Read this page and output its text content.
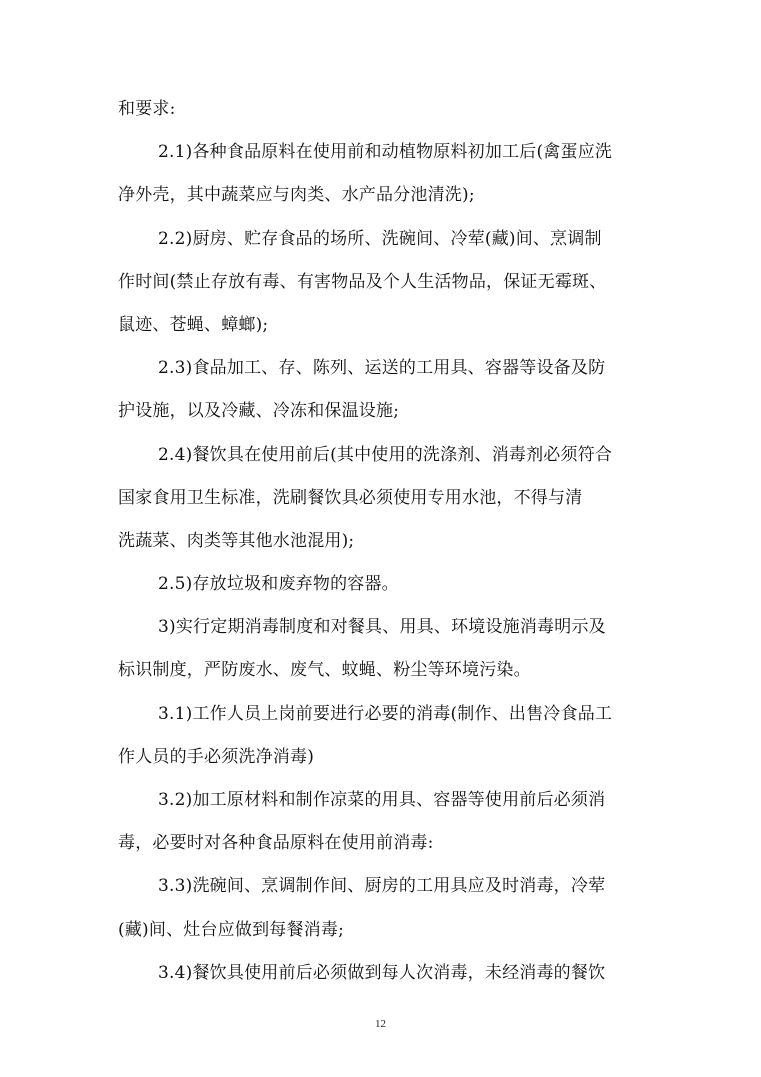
和要求:
2.1)各种食品原料在使用前和动植物原料初加工后(禽蛋应洗
净外壳，其中蔬菜应与肉类、水产品分池清洗);
2.2)厨房、贮存食品的场所、洗碗间、冷荤(藏)间、烹调制
作时间(禁止存放有毒、有害物品及个人生活物品，保证无霉斑、
鼠迹、苍蝇、蟑螂);
2.3)食品加工、存、陈列、运送的工用具、容器等设备及防
护设施，以及冷藏、冷冻和保温设施;
2.4)餐饮具在使用前后(其中使用的洗涤剂、消毒剂必须符合
国家食用卫生标准，洗刷餐饮具必须使用专用水池，不得与清
洗蔬菜、肉类等其他水池混用);
2.5)存放垃圾和废弃物的容器。
3)实行定期消毒制度和对餐具、用具、环境设施消毒明示及
标识制度，严防废水、废气、蚊蝇、粉尘等环境污染。
3.1)工作人员上岗前要进行必要的消毒(制作、出售冷食品工
作人员的手必须洗净消毒)
3.2)加工原材料和制作凉菜的用具、容器等使用前后必须消
毒，必要时对各种食品原料在使用前消毒:
3.3)洗碗间、烹调制作间、厨房的工用具应及时消毒，冷荤
(藏)间、灶台应做到每餐消毒;
3.4)餐饮具使用前后必须做到每人次消毒，未经消毒的餐饮
12
